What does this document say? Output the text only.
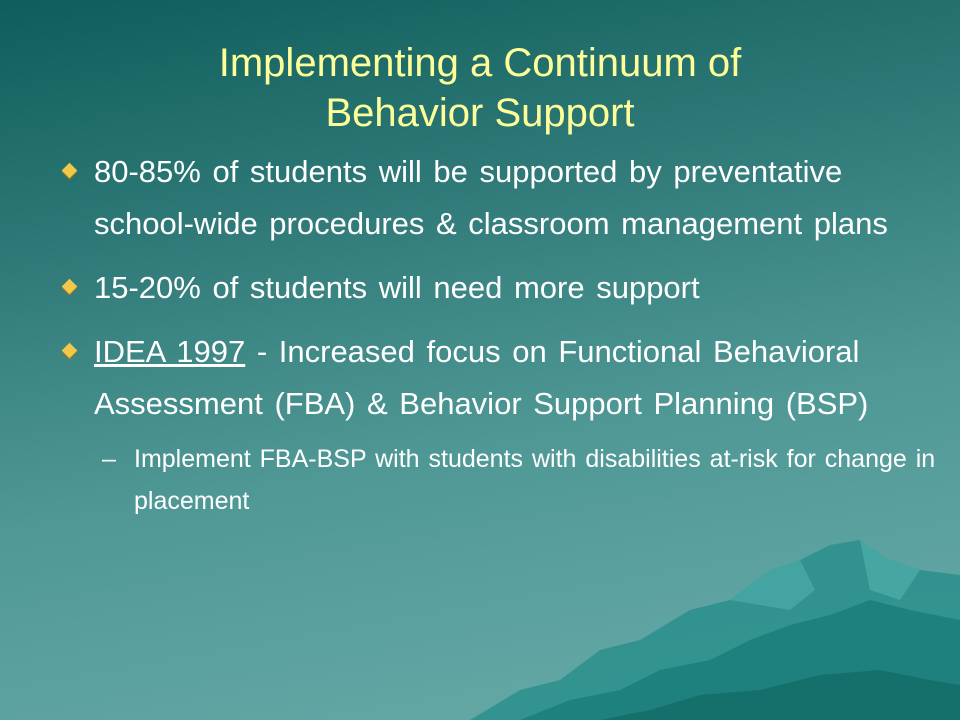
Implementing a Continuum of
Behavior Support
80-85% of students will be supported by preventative school-wide procedures & classroom management plans
15-20% of students will need more support
IDEA 1997 - Increased focus on Functional Behavioral Assessment (FBA) & Behavior Support Planning (BSP)
– Implement FBA-BSP with students with disabilities at-risk for change in placement
